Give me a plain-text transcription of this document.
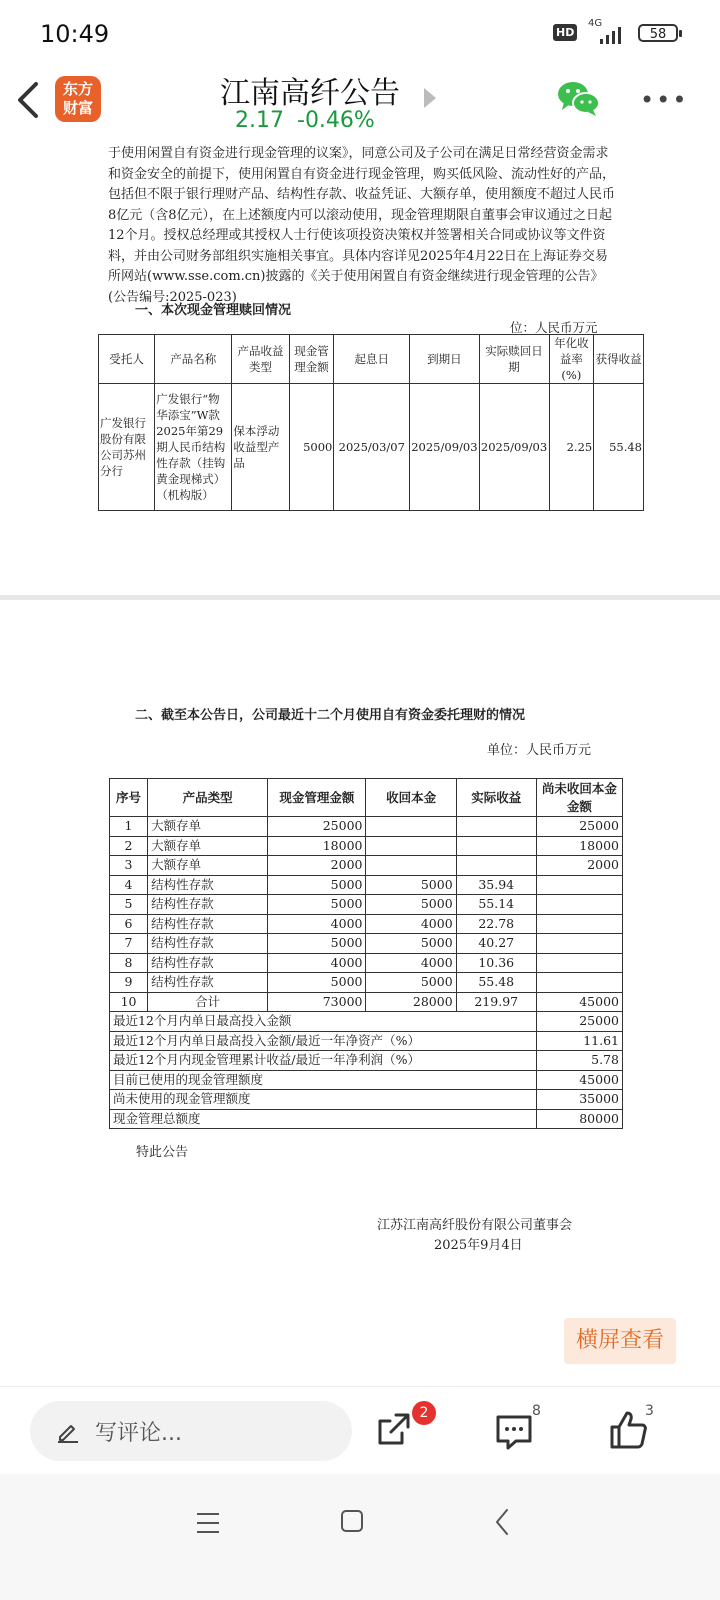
10:49	HD
4G
58
东方
财富	江南高纤公告
2.17 -0.46%
•••

于使用闲置自有资金进行现金管理的议案》，同意公司及子公司在满足日常经营资金需求和资金安全的前提下，使用闲置自有资金进行现金管理，购买低风险、流动性好的产品，包括但不限于银行理财产品、结构性存款、收益凭证、大额存单，使用额度不超过人民币8亿元（含8亿元），在上述额度内可以滚动使用，现金管理期限自董事会审议通过之日起12个月。授权总经理或其授权人士行使该项投资决策权并签署相关合同或协议等文件资料，并由公司财务部组织实施相关事宜。具体内容详见2025年4月22日在上海证券交易所网站(www.sse.com.cn)披露的《关于使用闲置自有资金继续进行现金管理的公告》(公告编号:2025-023)

一、本次现金管理赎回情况
位：人民币万元
受托人	产品名称	产品收益类型	现金管理金额	起息日	到期日	实际赎回日期	年化收益率(%)	获得收益
广发银行股份有限公司苏州分行	广发银行“物华添宝”W款2025年第29期人民币结构性存款（挂钩黄金现梯式）（机构版）	保本浮动收益型产品	5000	2025/03/07	2025/09/03	2025/09/03	2.25	55.48
二、截至本公告日，公司最近十二个月使用自有资金委托理财的情况
单位：人民币万元
序号	产品类型	现金管理金额	收回本金	实际收益	尚未收回本金金额
1	大额存单	25000			25000
2	大额存单	18000			18000
3	大额存单	2000			2000
4	结构性存款	5000	5000	35.94	
5	结构性存款	5000	5000	55.14	
6	结构性存款	4000	4000	22.78	
7	结构性存款	5000	5000	40.27	
8	结构性存款	4000	4000	10.36	
9	结构性存款	5000	5000	55.48	
10	合计	73000	28000	219.97	45000
最近12个月内单日最高投入金额					25000
最近12个月内单日最高投入金额/最近一年净资产（%）					11.61
最近12个月内现金管理累计收益/最近一年净利润（%）					5.78
目前已使用的现金管理额度					45000
尚未使用的现金管理额度					35000
现金管理总额度					80000
特此公告
江苏江南高纤股份有限公司董事会
2025年9月4日
横屏查看
写评论...
2	8	3
